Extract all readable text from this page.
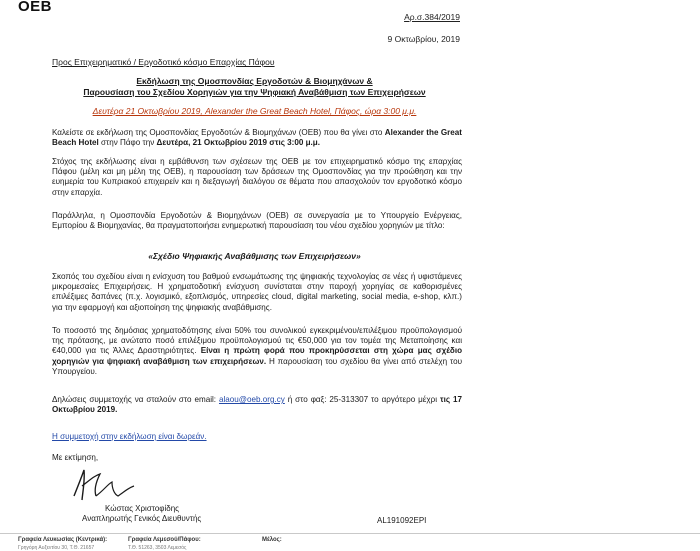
ΟΕΒ
Αρ.σ.384/2019
9 Οκτωβρίου, 2019
Προς Επιχειρηματικό / Εργοδοτικό κόσμο Επαρχίας Πάφου
Εκδήλωση της Ομοσπονδίας Εργοδοτών & Βιομηχάνων &
Παρουσίαση του Σχεδίου Χορηγιών για την Ψηφιακή Αναβάθμιση των Επιχειρήσεων
Δευτέρα 21 Οκτωβρίου 2019, Alexander the Great Beach Hotel, Πάφος, ώρα 3:00 μ.μ.
Καλείστε σε εκδήλωση της Ομοσπονδίας Εργοδοτών & Βιομηχάνων (ΟΕΒ) που θα γίνει στο Alexander the Great Beach Hotel στην Πάφο την Δευτέρα, 21 Οκτωβρίου 2019 στις 3:00 μ.μ.
Στόχος της εκδήλωσης είναι η εμβάθυνση των σχέσεων της ΟΕΒ με τον επιχειρηματικό κόσμο της επαρχίας Πάφου (μέλη και μη μέλη της ΟΕΒ), η παρουσίαση των δράσεων της Ομοσπονδίας για την προώθηση και την ευημερία του Κυπριακού επιχειρείν και η διεξαγωγή διαλόγου σε θέματα που απασχολούν τον εργοδοτικό κόσμο στην επαρχία.
Παράλληλα, η Ομοσπονδία Εργοδοτών & Βιομηχάνων (ΟΕΒ) σε συνεργασία με το Υπουργείο Ενέργειας, Εμπορίου & Βιομηχανίας, θα πραγματοποιήσει ενημερωτική παρουσίαση του νέου σχεδίου χορηγιών με τίτλο:
«Σχέδιο Ψηφιακής Αναβάθμισης των Επιχειρήσεων»
Σκοπός του σχεδίου είναι η ενίσχυση του βαθμού ενσωμάτωσης της ψηφιακής τεχνολογίας σε νέες ή υφιστάμενες μικρομεσαίες Επιχειρήσεις. Η χρηματοδοτική ενίσχυση συνίσταται στην παροχή χορηγίας σε καθορισμένες επιλέξιμες δαπάνες (π.χ. λογισμικό, εξοπλισμός, υπηρεσίες cloud, digital marketing, social media, e-shop, κλπ.) για την εφαρμογή και αξιοποίηση της ψηφιακής αναβάθμισης.
Το ποσοστό της δημόσιας χρηματοδότησης είναι 50% του συνολικού εγκεκριμένου/επιλέξιμου προϋπολογισμού της πρότασης, με ανώτατο ποσό επιλέξιμου προϋπολογισμού τις €50,000 για τον τομέα της Μεταποίησης και €40,000 για τις Άλλες Δραστηριότητες. Είναι η πρώτη φορά που προκηρύσσεται στη χώρα μας σχέδιο χορηγιών για ψηφιακή αναβάθμιση των επιχειρήσεων. Η παρουσίαση του σχεδίου θα γίνει από στελέχη του Υπουργείου.
Δηλώσεις συμμετοχής να σταλούν στο email: alaou@oeb.org.cy ή στο φαξ: 25-313307 το αργότερο μέχρι τις 17 Οκτωβρίου 2019.
Η συμμετοχή στην εκδήλωση είναι δωρεάν.
Με εκτίμηση,
Κώστας Χριστοφίδης
Αναπληρωτής Γενικός Διευθυντής	AL191092EPI
Γραφεία Λευκωσίας (Κεντρικά):
Γρηγόρη Αυξεντίου 30, Τ.Θ. 21657
Γραφεία Λεμεσού/Πάφου:
Τ.Θ. 51263, 3503 Λεμεσός
Μέλος:
